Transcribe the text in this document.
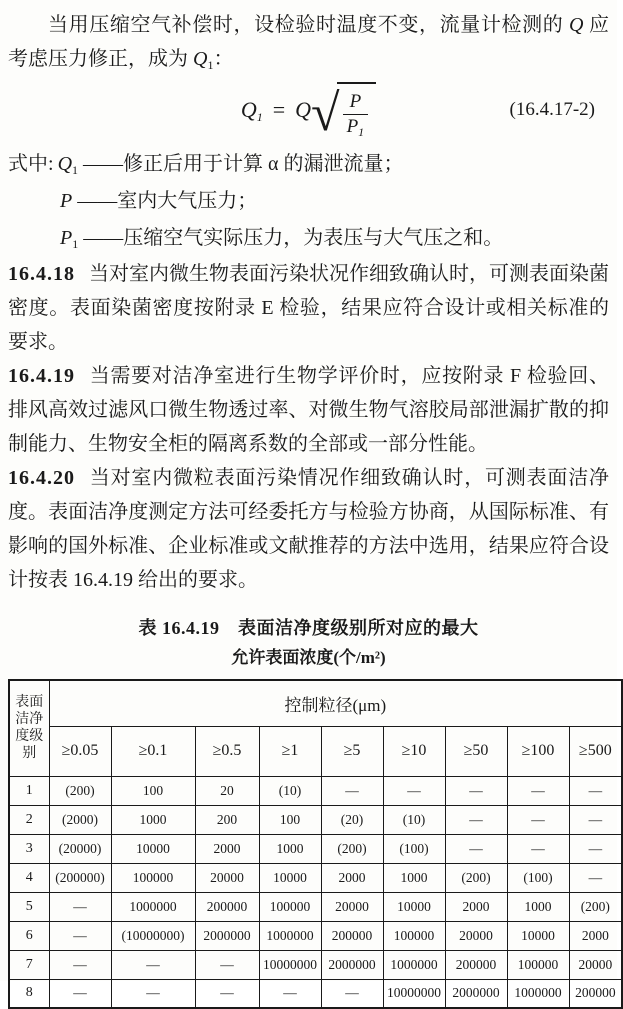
当用压缩空气补偿时，设检验时温度不变，流量计检测的 Q 应考虑压力修正，成为 $Q_1$：

$Q_1 = Q$ √ $\frac{P}{P_1}$	(16.4.17-2)
式中: $Q_1$ ——修正后用于计算 α 的漏泄流量；
P ——室内大气压力；
$P_1$ ——压缩空气实际压力，为表压与大气压之和。

16.4.18 当对室内微生物表面污染状况作细致确认时，可测表面染菌密度。表面染菌密度按附录 E 检验，结果应符合设计或相关标准的要求。

16.4.19 当需要对洁净室进行生物学评价时，应按附录 F 检验回、排风高效过滤风口微生物透过率、对微生物气溶胶局部泄漏扩散的抑制能力、生物安全柜的隔离系数的全部或一部分性能。

16.4.20 当对室内微粒表面污染情况作细致确认时，可测表面洁净度。表面洁净度测定方法可经委托方与检验方协商，从国际标准、有影响的国外标准、企业标准或文献推荐的方法中选用，结果应符合设计按表 16.4.19 给出的要求。

表 16.4.19　表面洁净度级别所对应的最大
允许表面浓度(个/m²)
表面洁净度级别	控制粒径(μm)								
	≥0.05	≥0.1	≥0.5	≥1	≥5	≥10	≥50	≥100	≥500
1	(200)	100	20	(10)	—	—	—	—	—
2	(2000)	1000	200	100	(20)	(10)	—	—	—
3	(20000)	10000	2000	1000	(200)	(100)	—	—	—
4	(200000)	100000	20000	10000	2000	1000	(200)	(100)	—
5	—	1000000	200000	100000	20000	10000	2000	1000	(200)
6	—	(10000000)	2000000	1000000	200000	100000	20000	10000	2000
7	—	—	—	10000000	2000000	1000000	200000	100000	20000
8	—	—	—	—	—	10000000	2000000	1000000	200000
